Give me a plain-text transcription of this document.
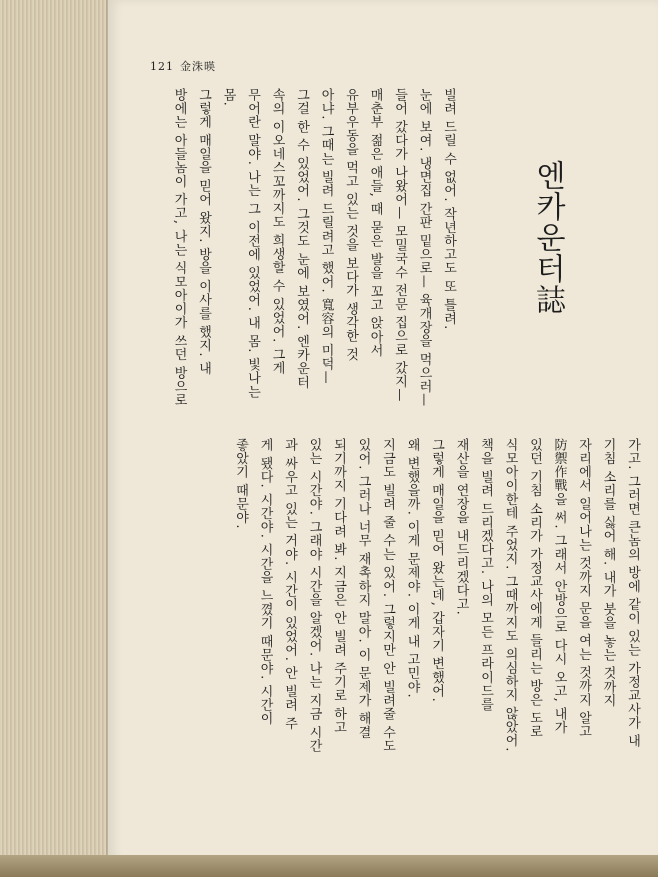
121 金洙暎
엔카운터誌

빌려 드릴 수 없어. 작년하고도 또 틀려.

눈에 보여. 냉면집 간판 밑으로— 육개장을 먹으러—

들어 갔다가 나왔어— 모밀국수 전문 집으로 갔지—

매춘부 젊은 애들, 때 묻은 발을 꼬고 앉아서

유부우동을 먹고 있는 것을 보다가 생각한 것

아냐. 그때는 빌려 드릴려고 했어. 寬容의 미덕—

그걸 한 수 있었어. 그것도 눈에 보였어. 엔카운터

속의 이오네스꼬까지도 희생할 수 있었어. 그게

무어란 말야. 나는 그 이전에 있었어. 내 몸. 빛나는

몸.

그렇게 매일을 믿어 왔지. 방을 이사를 했지. 내

방에는 아들놈이 가고, 나는 식모아이가 쓰던 방으로

가고. 그러면 큰놈의 방에 같이 있는 가정교사가 내

기침 소리를 싫어 해. 내가 붓을 놓는 것까지

자리에서 일어나는 것까지 문을 여는 것까지 알고

防禦作戰을 써. 그래서 안방으로 다시 오고, 내가

있던 기침 소리가 가정교사에게 들리는 방은 도로

식모아이한테 주었지. 그때까지도 의심하지 않았어.

책을 빌려 드리겠다고. 나의 모든 프라이드를

재산을 연장을 내드리겠다고.

그렇게 매일을 믿어 왔는데, 갑자기 변했어.

왜 변했을까. 이게 문제야. 이게 내 고민야.

지금도 빌려 줄 수는 있어. 그렇지만 안 빌려줄 수도

있어. 그러나 너무 재촉하지 말아. 이 문제가 해결

되기까지 기다려 봐. 지금은 안 빌려 주기로 하고

있는 시간야. 그래야 시간을 알겠어. 나는 지금 시간

과 싸우고 있는 거야. 시간이 있었어. 안 빌려 주

게 됐다. 시간야. 시간을 느꼈기 때문야. 시간이

좋았기 때문야.
